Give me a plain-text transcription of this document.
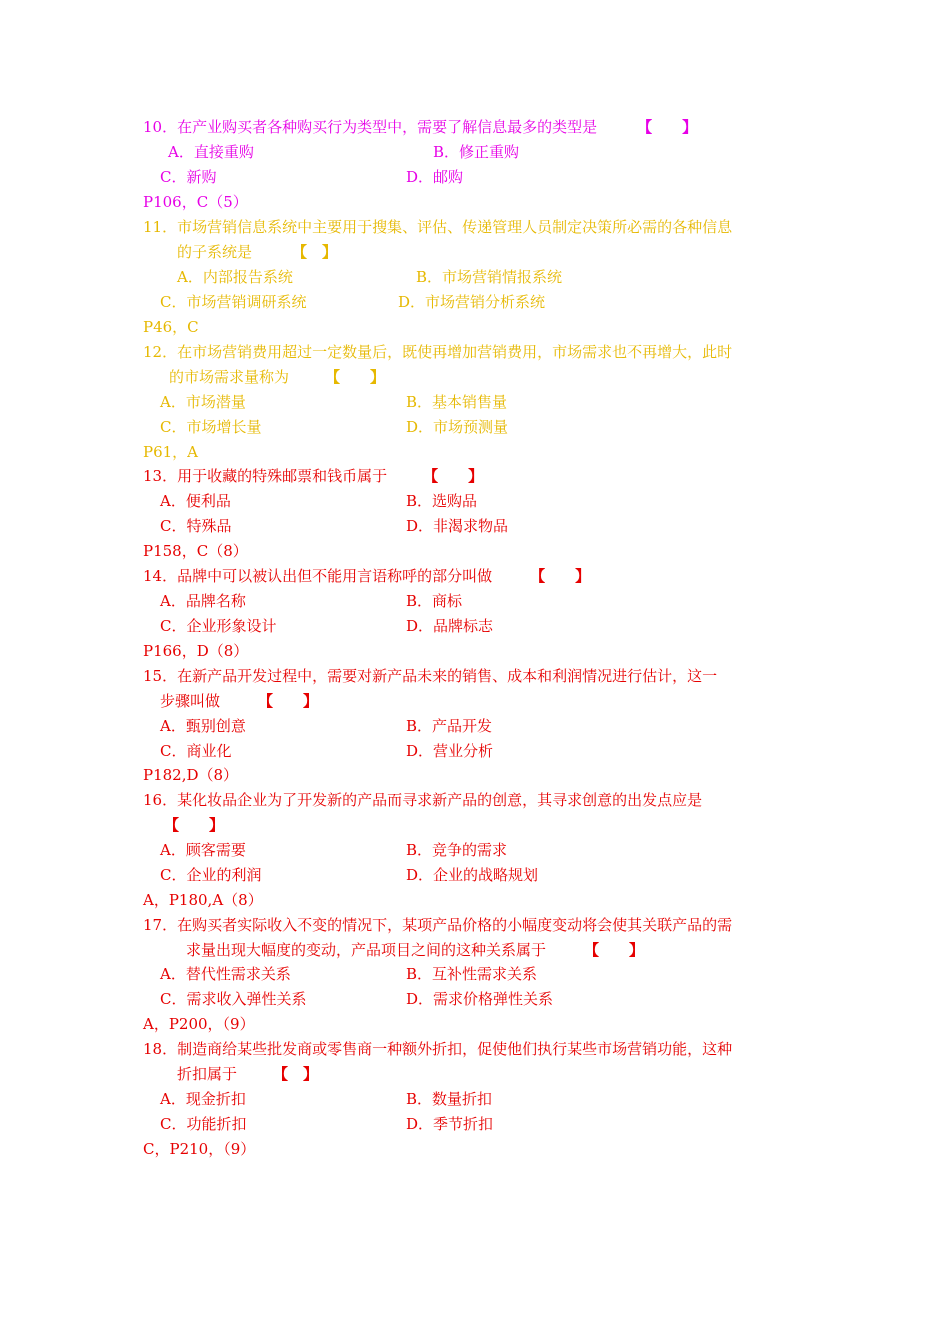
10．在产业购买者各种购买行为类型中，需要了解信息最多的类型是	【　　】
A．直接重购	B．修正重购
C．新购	D．邮购
P106，C（5）
11．市场营销信息系统中主要用于搜集、评估、传递管理人员制定决策所必需的各种信息
的子系统是	【　】
A．内部报告系统	B．市场营销情报系统
C．市场营销调研系统	D．市场营销分析系统
P46，C
12．在市场营销费用超过一定数量后，既使再增加营销费用，市场需求也不再增大，此时
的市场需求量称为 【　　】
A．市场潜量	B．基本销售量
C．市场增长量	D．市场预测量
P61，A
13．用于收藏的特殊邮票和钱币属于 【　　】
A．便利品	B．选购品
C．特殊品	D．非渴求物品
P158，C（8）
14．品牌中可以被认出但不能用言语称呼的部分叫做	【　　】
A．品牌名称	B．商标
C．企业形象设计	D．品牌标志
P166，D（8）
15．在新产品开发过程中，需要对新产品未来的销售、成本和利润情况进行估计，这一
步骤叫做	【　　】
A．甄别创意	B．产品开发
C．商业化	D．营业分析
P182,D（8）
16．某化妆品企业为了开发新的产品而寻求新产品的创意，其寻求创意的出发点应是
【　　】
A．顾客需要	B．竞争的需求
C．企业的利润	D．企业的战略规划
A，P180,A（8）
17．在购买者实际收入不变的情况下，某项产品价格的小幅度变动将会使其关联产品的需
求量出现大幅度的变动，产品项目之间的这种关系属于	【　　】
A．替代性需求关系	B．互补性需求关系
C．需求收入弹性关系	D．需求价格弹性关系
A，P200，（9）
18．制造商给某些批发商或零售商一种额外折扣，促使他们执行某些市场营销功能，这种
折扣属于 【　】
A．现金折扣	B．数量折扣
C．功能折扣	D．季节折扣
C，P210，（9）
